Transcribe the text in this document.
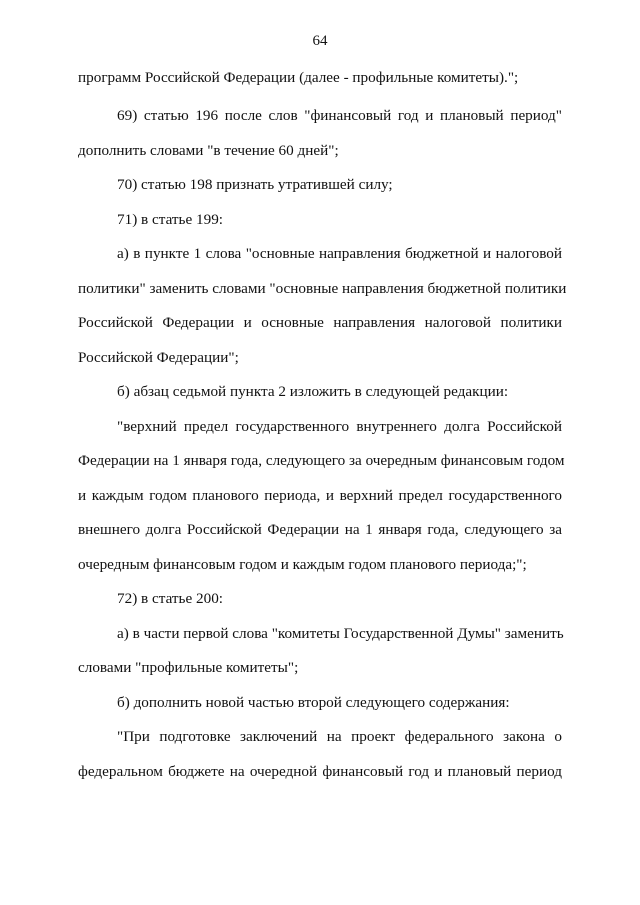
64
программ Российской Федерации (далее - профильные комитеты).";
69) статью 196 после слов "финансовый год и плановый период"
дополнить словами "в течение 60 дней";
70) статью 198 признать утратившей силу;
71) в статье 199:
а) в пункте 1 слова "основные направления бюджетной и налоговой
политики" заменить словами "основные направления бюджетной политики
Российской Федерации и основные направления налоговой политики
Российской Федерации";
б) абзац седьмой пункта 2 изложить в следующей редакции:
"верхний предел государственного внутреннего долга Российской
Федерации на 1 января года, следующего за очередным финансовым годом
и каждым годом планового периода, и верхний предел государственного
внешнего долга Российской Федерации на 1 января года, следующего за
очередным финансовым годом и каждым годом планового периода;";
72) в статье 200:
а) в части первой слова "комитеты Государственной Думы" заменить
словами "профильные комитеты";
б) дополнить новой частью второй следующего содержания:
"При подготовке заключений на проект федерального закона о
федеральном бюджете на очередной финансовый год и плановый период
